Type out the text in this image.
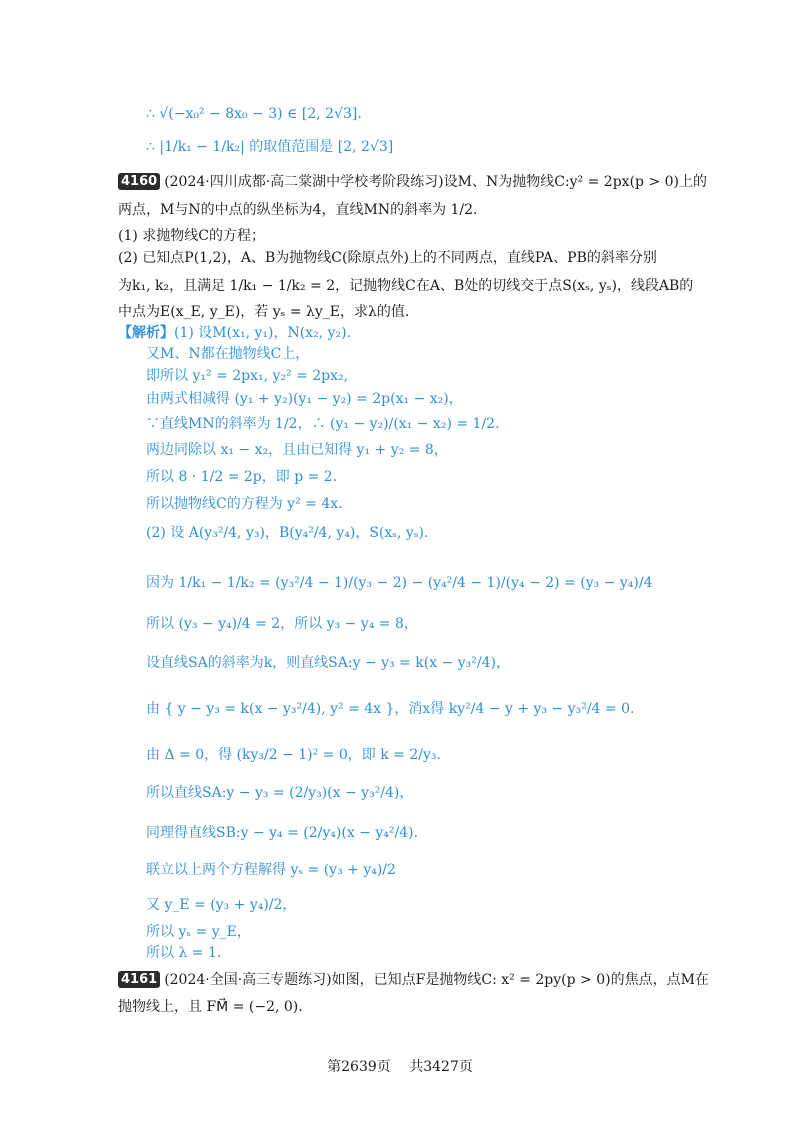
∴ √(−x₀² − 8x₀ − 3) ∈ [2, 2√3].
∴ |1/k₁ − 1/k₂| 的取值范围是 [2, 2√3]
4160 (2024·四川成都·高二棠湖中学校考阶段练习)设M、N为抛物线C:y² = 2px(p > 0)上的
两点，M与N的中点的纵坐标为4，直线MN的斜率为 1/2.
(1) 求抛物线C的方程；
(2) 已知点P(1,2)，A、B为抛物线C(除原点外)上的不同两点，直线PA、PB的斜率分别
为k₁, k₂，且满足 1/k₁ − 1/k₂ = 2，记抛物线C在A、B处的切线交于点S(xₛ, yₛ)，线段AB的
中点为E(x_E, y_E)，若 yₛ = λy_E，求λ的值.
【解析】(1) 设M(x₁, y₁)，N(x₂, y₂).
又M、N都在抛物线C上，
即所以 y₁² = 2px₁, y₂² = 2px₂,
由两式相减得 (y₁ + y₂)(y₁ − y₂) = 2p(x₁ − x₂)，
∵直线MN的斜率为 1/2，∴ (y₁ − y₂)/(x₁ − x₂) = 1/2.
两边同除以 x₁ − x₂，且由已知得 y₁ + y₂ = 8，
所以 8 · 1/2 = 2p，即 p = 2.
所以抛物线C的方程为 y² = 4x.
(2) 设 A(y₃²/4, y₃)，B(y₄²/4, y₄)，S(xₛ, yₛ).
因为 1/k₁ − 1/k₂ = (y₃²/4 − 1)/(y₃ − 2) − (y₄²/4 − 1)/(y₄ − 2) = (y₃ − y₄)/4
所以 (y₃ − y₄)/4 = 2，所以 y₃ − y₄ = 8，
设直线SA的斜率为k，则直线SA:y − y₃ = k(x − y₃²/4)，
由 { y − y₃ = k(x − y₃²/4), y² = 4x }，消x得 ky²/4 − y + y₃ − y₃²/4 = 0.
由 Δ = 0，得 (ky₃/2 − 1)² = 0，即 k = 2/y₃.
所以直线SA:y − y₃ = (2/y₃)(x − y₃²/4)，
同理得直线SB:y − y₄ = (2/y₄)(x − y₄²/4).
联立以上两个方程解得 yₛ = (y₃ + y₄)/2
又 y_E = (y₃ + y₄)/2，
所以 yₛ = y_E，
所以 λ = 1.
4161 (2024·全国·高三专题练习)如图，已知点F是抛物线C: x² = 2py(p > 0)的焦点，点M在
抛物线上，且 FM⃗ = (−2, 0).
第2639页 共3427页
